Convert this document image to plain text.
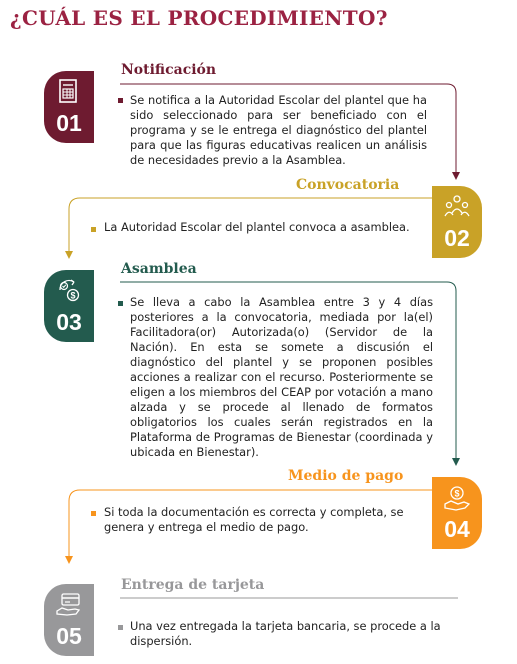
¿CUÁL ES EL PROCEDIMIENTO?
Notificación
01
Se notifica a la Autoridad Escolar del plantel que ha sido seleccionado para ser beneficiado con el programa y se le entrega el diagnóstico del plantel para que las figuras educativas realicen un análisis de necesidades previo a la Asamblea.
Convocatoria
02
La Autoridad Escolar del plantel convoca a asamblea.
Asamblea
$
03
Se lleva a cabo la Asamblea entre 3 y 4 días posteriores a la convocatoria, mediada por la(el) Facilitadora(or) Autorizada(o) (Servidor de la Nación). En esta se somete a discusión el diagnóstico del plantel y se proponen posibles acciones a realizar con el recurso. Posteriormente se eligen a los miembros del CEAP por votación a mano alzada y se procede al llenado de formatos obligatorios los cuales serán registrados en la Plataforma de Programas de Bienestar (coordinada y ubicada en Bienestar).
Medio de pago
$
04
Si toda la documentación es correcta y completa, se genera y entrega el medio de pago.
Entrega de tarjeta
05	Una vez entregada la tarjeta bancaria, se procede a la dispersión.
